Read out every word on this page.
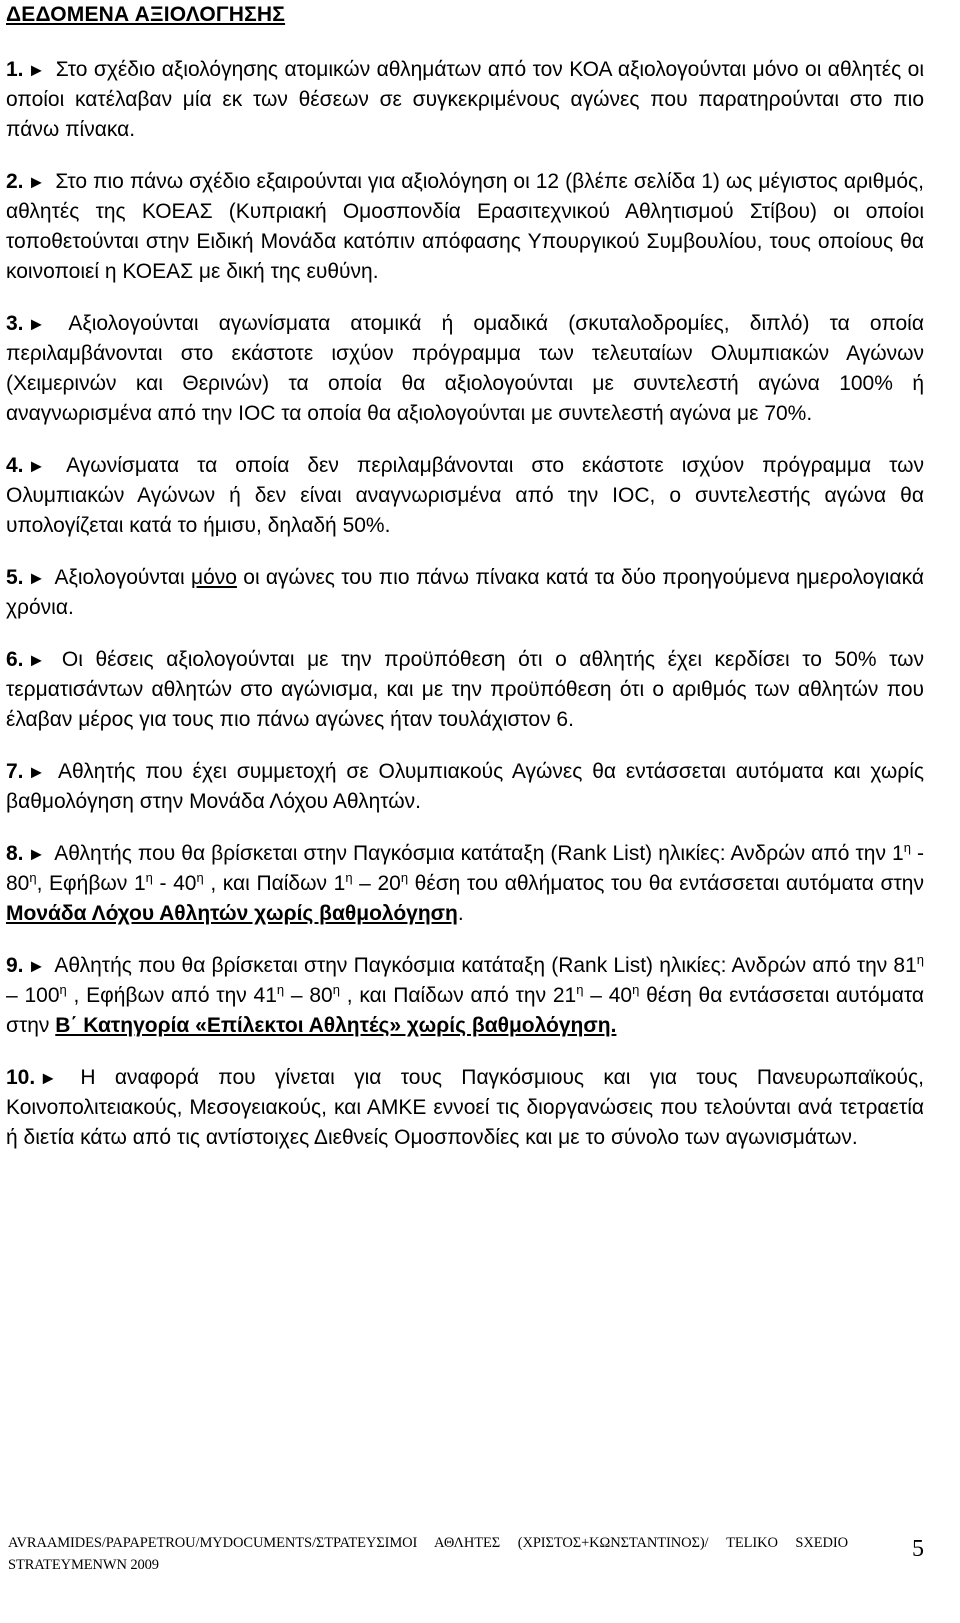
ΔΕΔΟΜΕΝΑ ΑΞΙΟΛΟΓΗΣΗΣ

1. ► Στο σχέδιο αξιολόγησης ατομικών αθλημάτων από τον ΚΟΑ αξιολογούνται μόνο οι αθλητές οι οποίοι κατέλαβαν μία εκ των θέσεων σε συγκεκριμένους αγώνες που παρατηρούνται στο πιο πάνω πίνακα.

2. ► Στο πιο πάνω σχέδιο εξαιρούνται για αξιολόγηση οι 12 (βλέπε σελίδα 1) ως μέγιστος αριθμός, αθλητές της ΚΟΕΑΣ (Κυπριακή Ομοσπονδία Ερασιτεχνικού Αθλητισμού Στίβου) οι οποίοι τοποθετούνται στην Ειδική Μονάδα κατόπιν απόφασης Υπουργικού Συμβουλίου, τους οποίους θα κοινοποιεί η ΚΟΕΑΣ με δική της ευθύνη.

3. ► Αξιολογούνται αγωνίσματα ατομικά ή ομαδικά (σκυταλοδρομίες, διπλό) τα οποία περιλαμβάνονται στο εκάστοτε ισχύον πρόγραμμα των τελευταίων Ολυμπιακών Αγώνων (Χειμερινών και Θερινών) τα οποία θα αξιολογούνται με συντελεστή αγώνα 100% ή αναγνωρισμένα από την IOC τα οποία θα αξιολογούνται με συντελεστή αγώνα με 70%.

4. ► Αγωνίσματα τα οποία δεν περιλαμβάνονται στο εκάστοτε ισχύον πρόγραμμα των Ολυμπιακών Αγώνων ή δεν είναι αναγνωρισμένα από την IOC, ο συντελεστής αγώνα θα υπολογίζεται κατά το ήμισυ, δηλαδή 50%.

5. ► Αξιολογούνται μόνο οι αγώνες του πιο πάνω πίνακα κατά τα δύο προηγούμενα ημερολογιακά χρόνια.

6. ► Οι θέσεις αξιολογούνται με την προϋπόθεση ότι ο αθλητής έχει κερδίσει το 50% των τερματισάντων αθλητών στο αγώνισμα, και με την προϋπόθεση ότι ο αριθμός των αθλητών που έλαβαν μέρος για τους πιο πάνω αγώνες ήταν τουλάχιστον 6.

7. ► Αθλητής που έχει συμμετοχή σε Ολυμπιακούς Αγώνες θα εντάσσεται αυτόματα και χωρίς βαθμολόγηση στην Μονάδα Λόχου Αθλητών.

8. ► Αθλητής που θα βρίσκεται στην Παγκόσμια κατάταξη (Rank List) ηλικίες: Ανδρών από την $1^\eta - 80^\eta$, Εφήβων $1^\eta - 40^\eta$ , και Παίδων $1^\eta - 20^\eta$ θέση του αθλήματος του θα εντάσσεται αυτόματα στην Μονάδα Λόχου Αθλητών χωρίς βαθμολόγηση.

9. ► Αθλητής που θα βρίσκεται στην Παγκόσμια κατάταξη (Rank List) ηλικίες: Ανδρών από την $81^\eta - 100^\eta$ , Εφήβων από την $41^\eta - 80^\eta$ , και Παίδων από την $21^\eta - 40^\eta$ θέση θα εντάσσεται αυτόματα στην Β΄ Κατηγορία «Επίλεκτοι Αθλητές» χωρίς βαθμολόγηση.

10. ► Η αναφορά που γίνεται για τους Παγκόσμιους και για τους Πανευρωπαϊκούς, Κοινοπολιτειακούς, Μεσογειακούς, και ΑΜΚΕ εννοεί τις διοργανώσεις που τελούνται ανά τετραετία ή διετία κάτω από τις αντίστοιχες Διεθνείς Ομοσπονδίες και με το σύνολο των αγωνισμάτων.

AVRAAMIDES/PAPAPETROU/MYDOCUMENTS/ΣΤΡΑΤΕΥΣΙΜΟΙ ΑΘΛΗΤΕΣ (ΧΡΙΣΤΟΣ+ΚΩΝΣΤΑΝΤΙΝΟΣ)/ TELIKO SXEDIO STRATEYMENWN 2009
5
